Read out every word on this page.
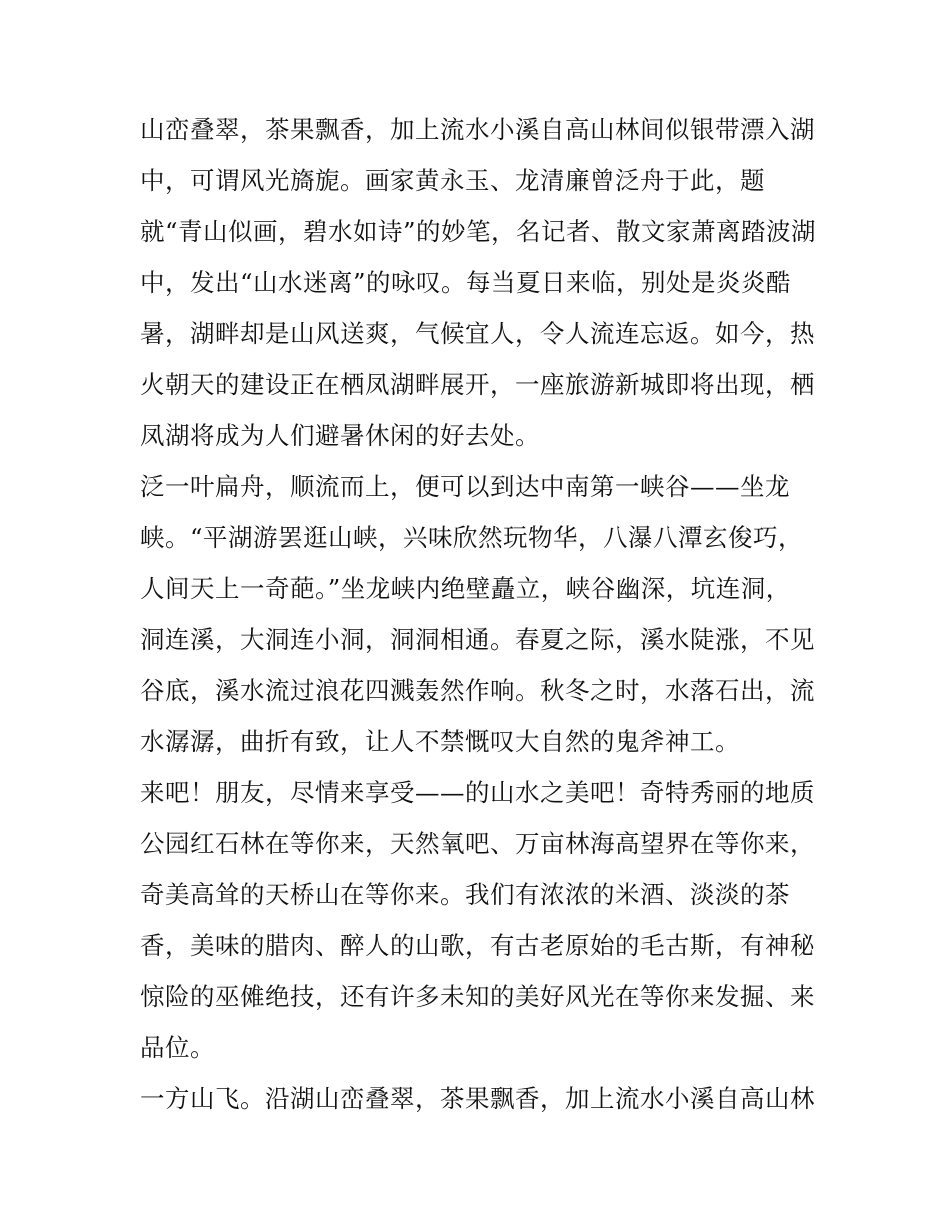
山峦叠翠，茶果飘香，加上流水小溪自高山林间似银带漂入湖
中，可谓风光旖旎。画家黄永玉、龙清廉曾泛舟于此，题
就“青山似画，碧水如诗”的妙笔，名记者、散文家萧离踏波湖
中，发出“山水迷离”的咏叹。每当夏日来临，别处是炎炎酷
暑，湖畔却是山风送爽，气候宜人，令人流连忘返。如今，热
火朝天的建设正在栖凤湖畔展开，一座旅游新城即将出现，栖
凤湖将成为人们避暑休闲的好去处。
泛一叶扁舟，顺流而上，便可以到达中南第一峡谷——坐龙
峡。“平湖游罢逛山峡，兴味欣然玩物华，八瀑八潭玄俊巧，
人间天上一奇葩。”坐龙峡内绝壁矗立，峡谷幽深，坑连洞，
洞连溪，大洞连小洞，洞洞相通。春夏之际，溪水陡涨，不见
谷底，溪水流过浪花四溅轰然作响。秋冬之时，水落石出，流
水潺潺，曲折有致，让人不禁慨叹大自然的鬼斧神工。
来吧！朋友，尽情来享受——的山水之美吧！奇特秀丽的地质
公园红石林在等你来，天然氧吧、万亩林海高望界在等你来，
奇美高耸的天桥山在等你来。我们有浓浓的米酒、淡淡的茶
香，美味的腊肉、醉人的山歌，有古老原始的毛古斯，有神秘
惊险的巫傩绝技，还有许多未知的美好风光在等你来发掘、来
品位。
一方山飞。沿湖山峦叠翠，茶果飘香，加上流水小溪自高山林
